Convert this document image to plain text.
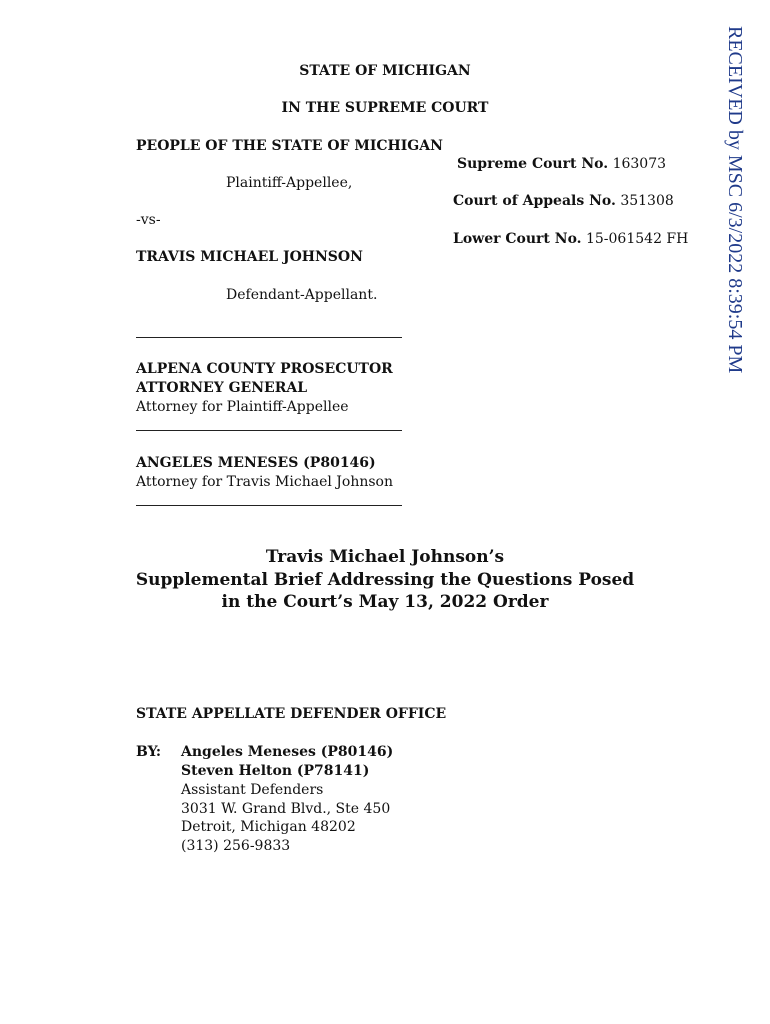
RECEIVED by MSC 6/3/2022 8:39:54 PM
STATE OF MICHIGAN
IN THE SUPREME COURT
PEOPLE OF THE STATE OF MICHIGAN
Plaintiff-Appellee,
-vs-
TRAVIS MICHAEL JOHNSON
Defendant-Appellant.
Supreme Court No. 163073
Court of Appeals No. 351308
Lower Court No. 15-061542 FH
ALPENA COUNTY PROSECUTOR
ATTORNEY GENERAL
Attorney for Plaintiff-Appellee
ANGELES MENESES (P80146)
Attorney for Travis Michael Johnson
Travis Michael Johnson’s
Supplemental Brief Addressing the Questions Posed
in the Court’s May 13, 2022 Order
STATE APPELLATE DEFENDER OFFICE
BY: Angeles Meneses (P80146)
Steven Helton (P78141)
Assistant Defenders
3031 W. Grand Blvd., Ste 450
Detroit, Michigan 48202
(313) 256-9833
